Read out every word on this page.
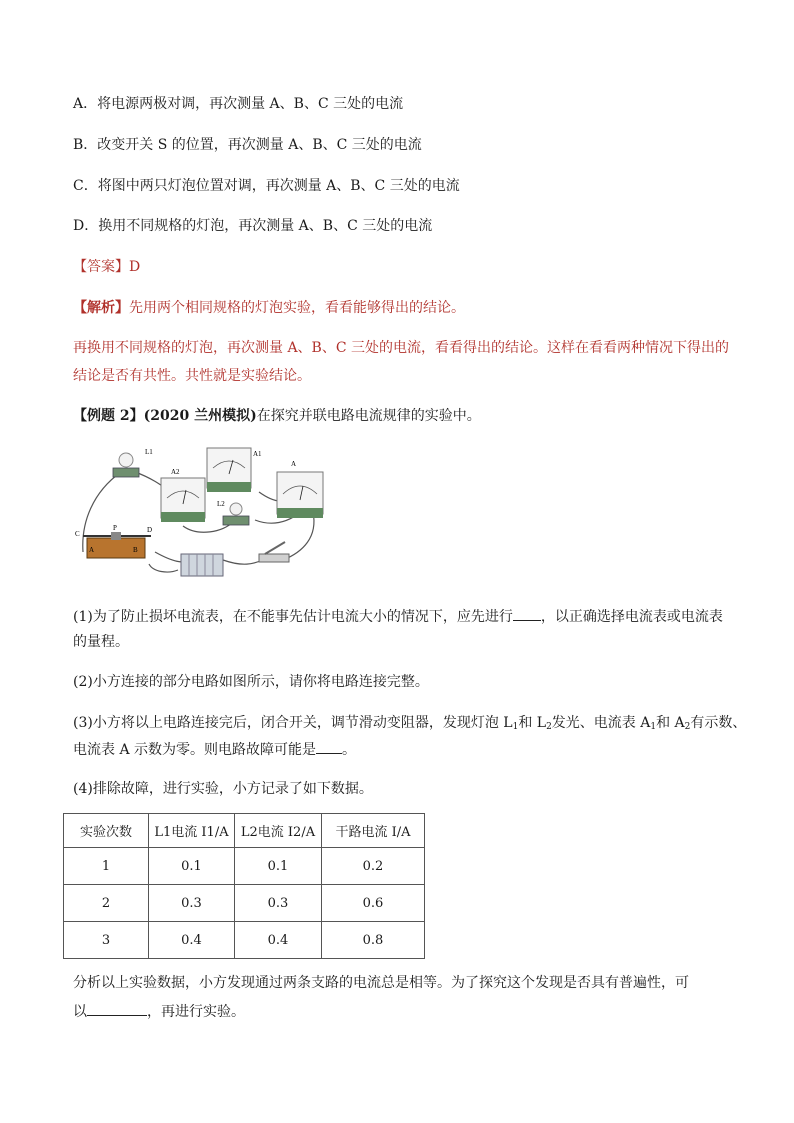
A．将电源两极对调，再次测量 A、B、C 三处的电流
B．改变开关 S 的位置，再次测量 A、B、C 三处的电流
C．将图中两只灯泡位置对调，再次测量 A、B、C 三处的电流
D．换用不同规格的灯泡，再次测量 A、B、C 三处的电流
【答案】D
【解析】先用两个相同规格的灯泡实验，看看能够得出的结论。
再换用不同规格的灯泡，再次测量 A、B、C 三处的电流，看看得出的结论。这样在看看两种情况下得出的
结论是否有共性。共性就是实验结论。
【例题 2】(2020 兰州模拟)在探究并联电路电流规律的实验中。
L1
A2
A1
A
L2
C	D
P
A	B
(1)为了防止损坏电流表，在不能事先估计电流大小的情况下，应先进行 ，以正确选择电流表或电流表
的量程。
(2)小方连接的部分电路如图所示，请你将电路连接完整。
(3)小方将以上电路连接完后，闭合开关，调节滑动变阻器，发现灯泡 $L_1$和 $L_2$发光、电流表 $A_1$和 $A_2$有示数、
电流表 A 示数为零。则电路故障可能是 。
(4)排除故障，进行实验，小方记录了如下数据。
实验次数	L1电流 I1/A	L2电流 I2/A	干路电流 I/A
1	0.1	0.1	0.2
2	0.3	0.3	0.6
3	0.4	0.4	0.8
分析以上实验数据，小方发现通过两条支路的电流总是相等。为了探究这个发现是否具有普遍性，可
以	，再进行实验。
